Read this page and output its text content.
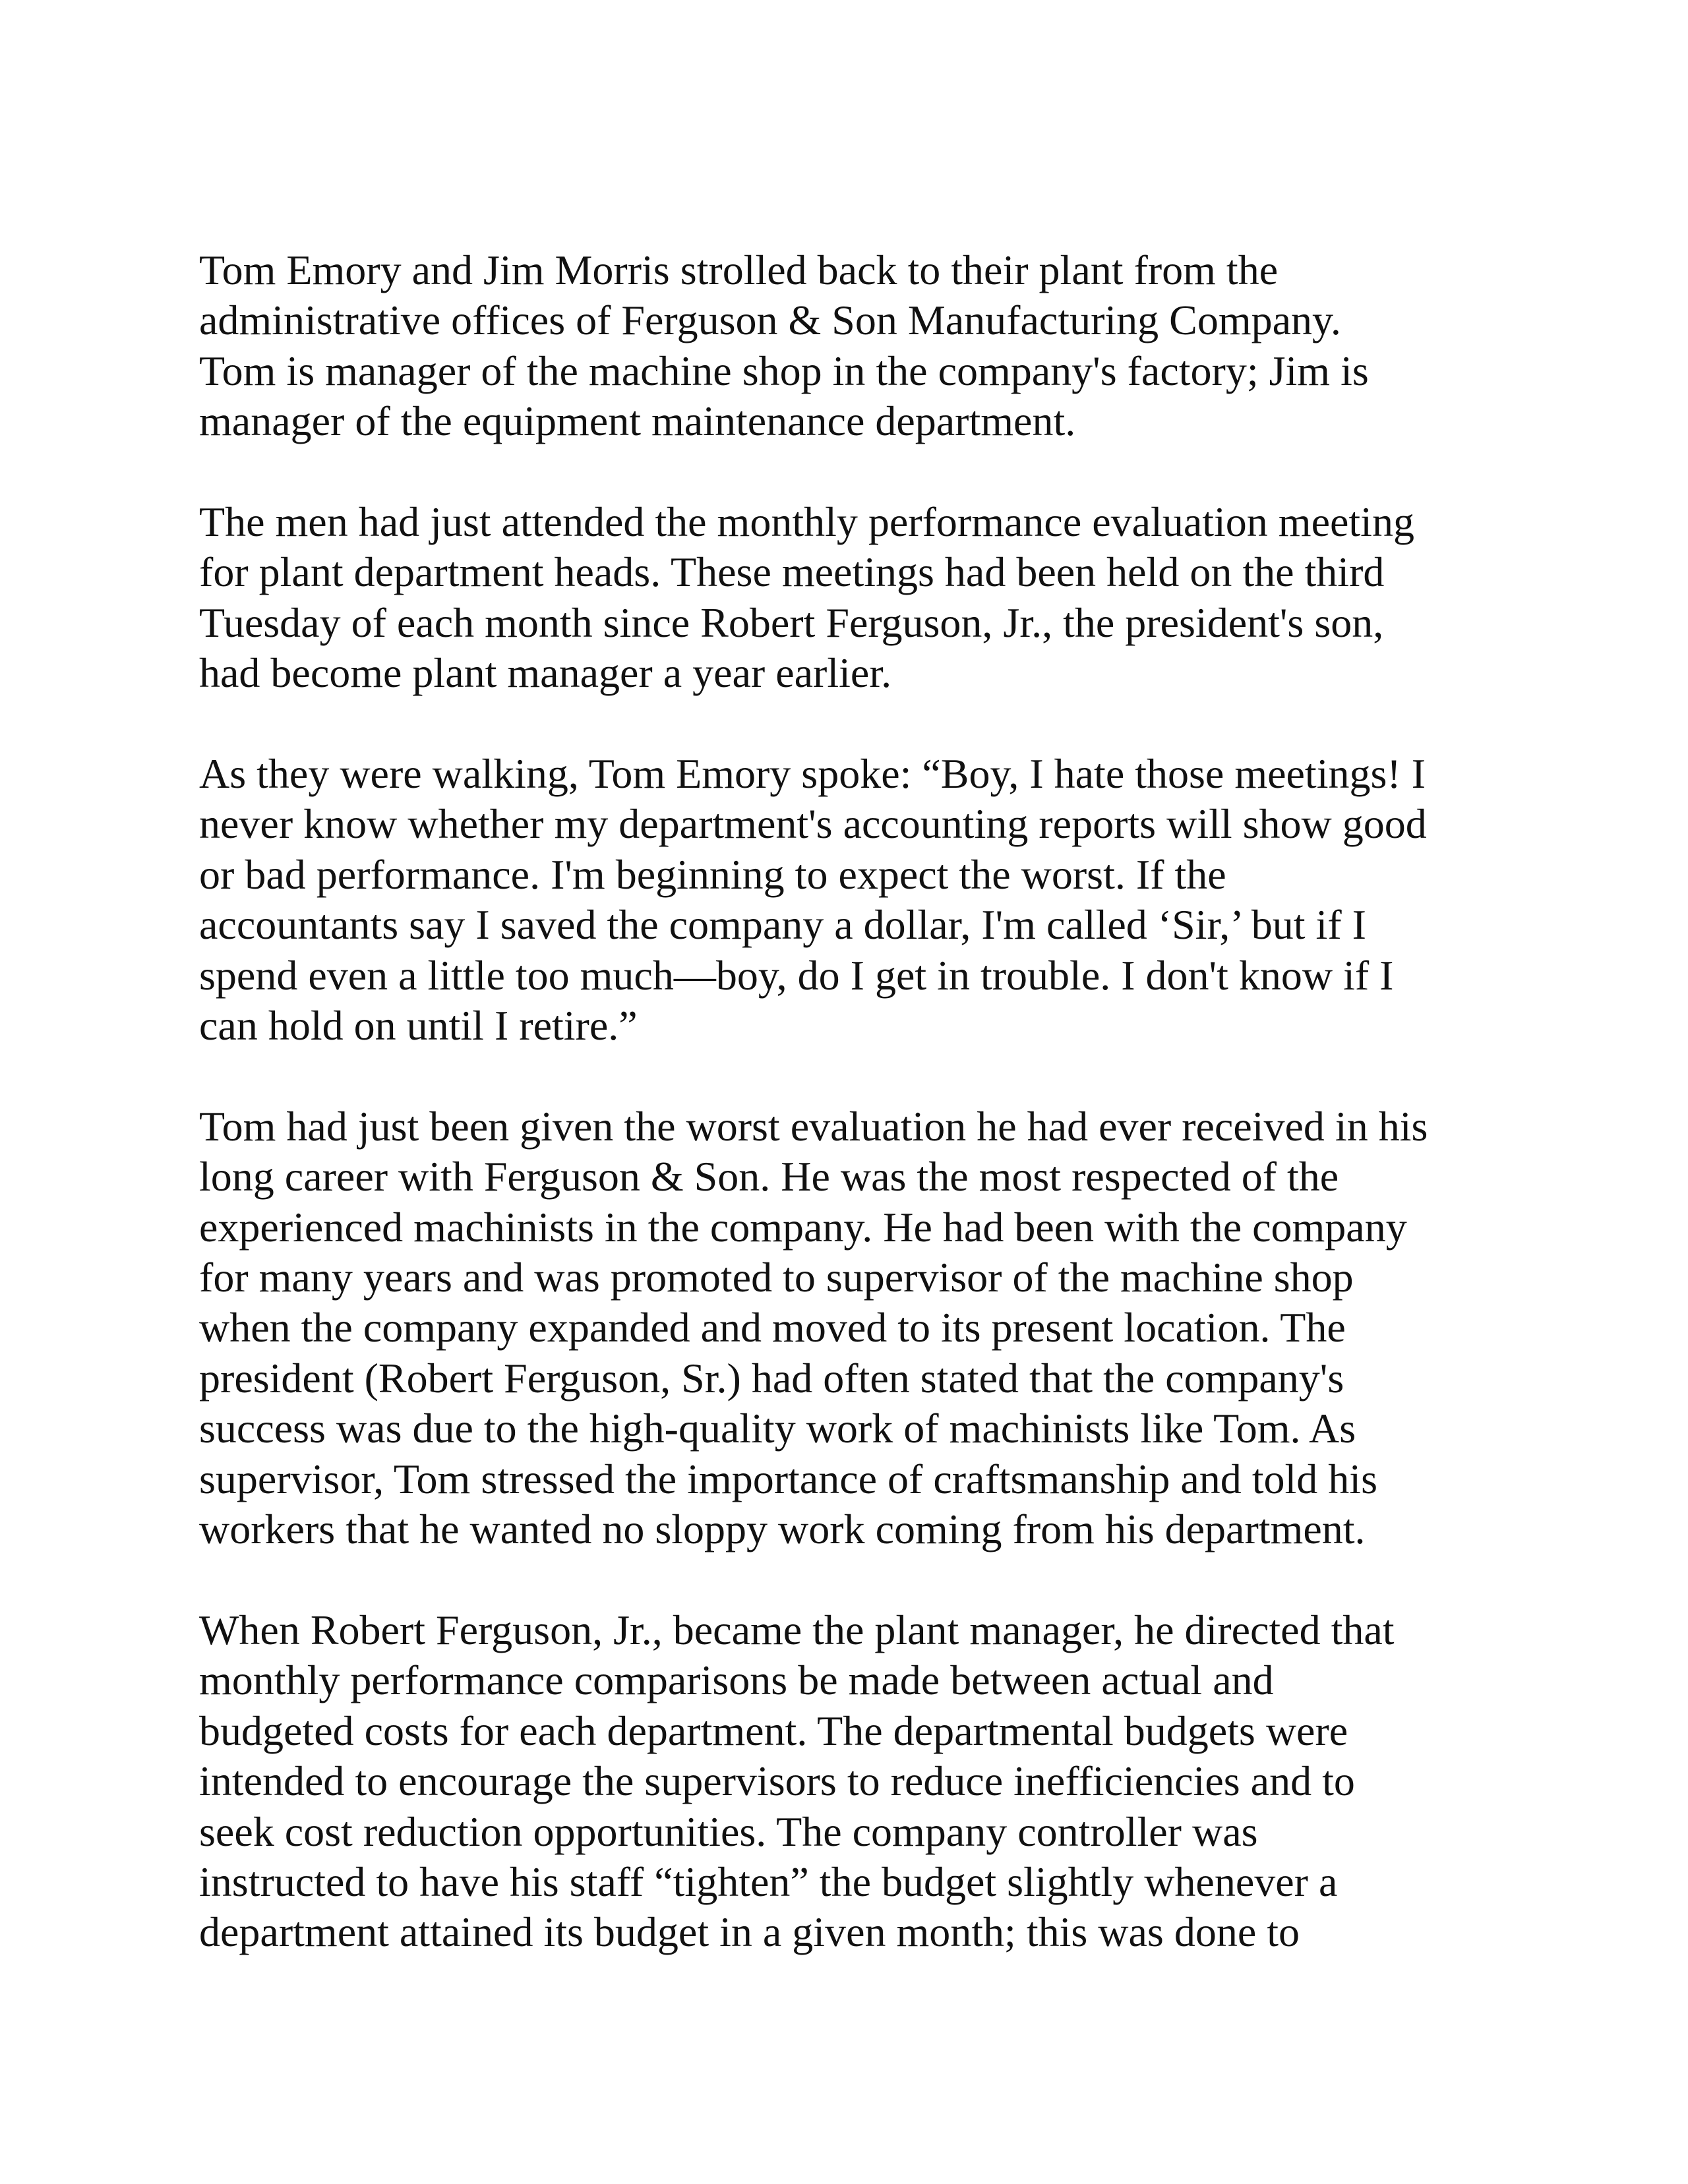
Tom Emory and Jim Morris strolled back to their plant from the
administrative offices of Ferguson & Son Manufacturing Company.
Tom is manager of the machine shop in the company's factory; Jim is
manager of the equipment maintenance department.

The men had just attended the monthly performance evaluation meeting
for plant department heads. These meetings had been held on the third
Tuesday of each month since Robert Ferguson, Jr., the president's son,
had become plant manager a year earlier.

As they were walking, Tom Emory spoke: “Boy, I hate those meetings! I
never know whether my department's accounting reports will show good
or bad performance. I'm beginning to expect the worst. If the
accountants say I saved the company a dollar, I'm called ‘Sir,’ but if I
spend even a little too much—boy, do I get in trouble. I don't know if I
can hold on until I retire.”

Tom had just been given the worst evaluation he had ever received in his
long career with Ferguson & Son. He was the most respected of the
experienced machinists in the company. He had been with the company
for many years and was promoted to supervisor of the machine shop
when the company expanded and moved to its present location. The
president (Robert Ferguson, Sr.) had often stated that the company's
success was due to the high-quality work of machinists like Tom. As
supervisor, Tom stressed the importance of craftsmanship and told his
workers that he wanted no sloppy work coming from his department.

When Robert Ferguson, Jr., became the plant manager, he directed that
monthly performance comparisons be made between actual and
budgeted costs for each department. The departmental budgets were
intended to encourage the supervisors to reduce inefficiencies and to
seek cost reduction opportunities. The company controller was
instructed to have his staff “tighten” the budget slightly whenever a
department attained its budget in a given month; this was done to
